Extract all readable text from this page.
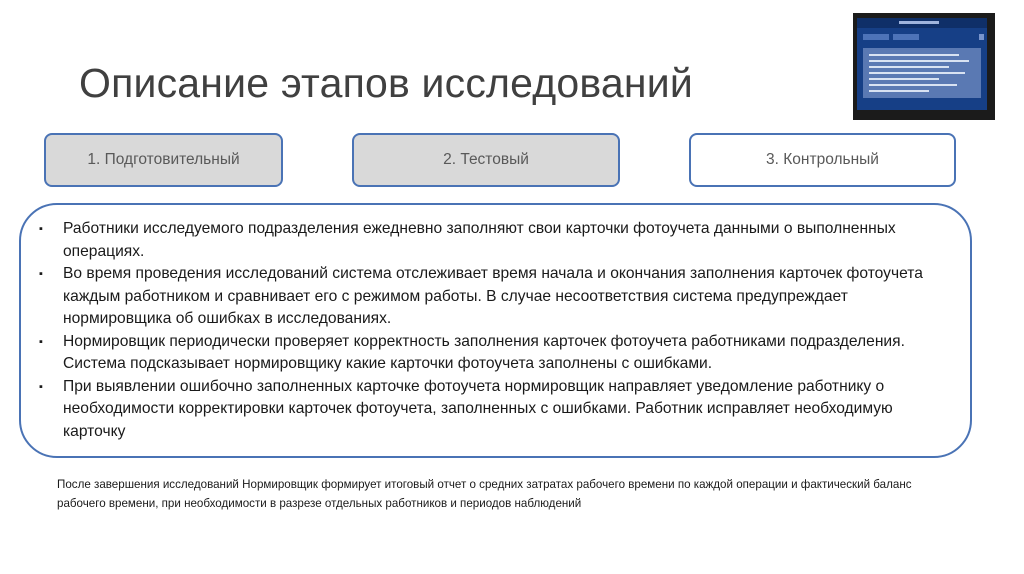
Описание этапов исследований
1. Подготовительный	2. Тестовый	3. Контрольный
▪ Работники исследуемого подразделения ежедневно заполняют свои карточки фотоучета данными о выполненных операциях.
▪ Во время проведения исследований система отслеживает время начала и окончания заполнения карточек фотоучета каждым работником и сравнивает его с режимом работы. В случае несоответствия система предупреждает нормировщика об ошибках в исследованиях.
▪ Нормировщик периодически проверяет корректность заполнения карточек фотоучета работниками подразделения. Система подсказывает нормировщику какие карточки фотоучета заполнены с ошибками.
▪ При выявлении ошибочно заполненных карточке фотоучета нормировщик направляет уведомление работнику о необходимости корректировки карточек фотоучета, заполненных с ошибками. Работник исправляет необходимую карточку
После завершения исследований Нормировщик формирует итоговый отчет о средних затратах рабочего времени по каждой операции и фактический баланс рабочего времени, при необходимости в разрезе отдельных работников и периодов наблюдений
